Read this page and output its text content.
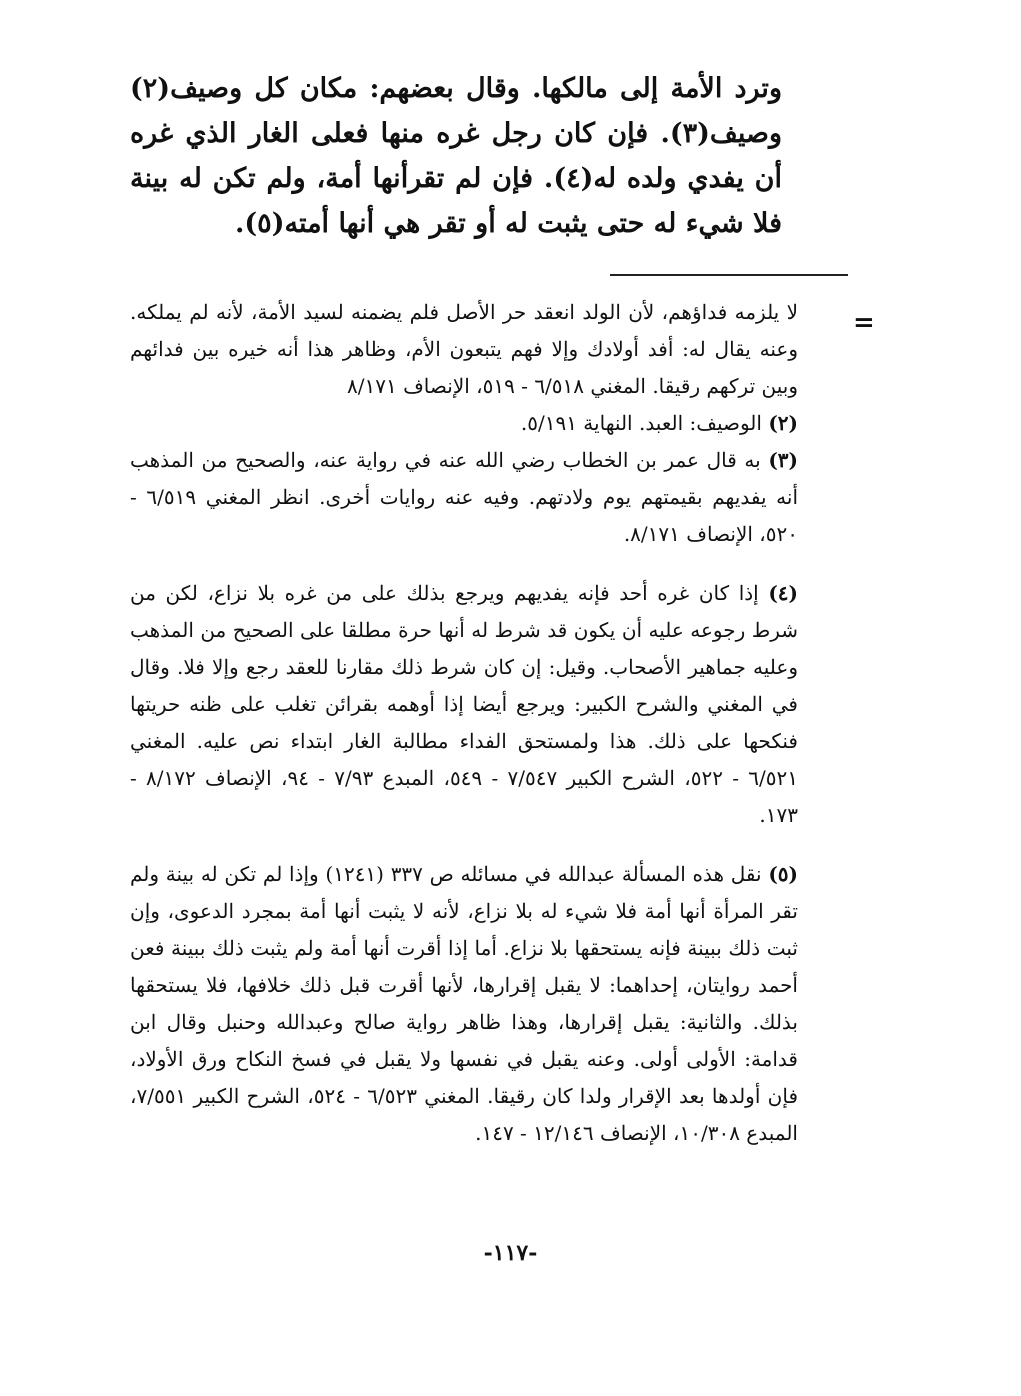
وترد الأمة إلى مالكها. وقال بعضهم: مكان كل وصيف(٢) وصيف(٣). فإن كان رجل غره منها فعلى الغار الذي غره أن يفدي ولده له(٤). فإن لم تقرأنها أمة، ولم تكن له بينة فلا شيء له حتى يثبت له أو تقر هي أنها أمته(٥).

=

لا يلزمه فداؤهم، لأن الولد انعقد حر الأصل فلم يضمنه لسيد الأمة، لأنه لم يملكه. وعنه يقال له: أفد أولادك وإلا فهم يتبعون الأم، وظاهر هذا أنه خيره بين فدائهم وبين تركهم رقيقا. المغني ٦/٥١٨ - ٥١٩، الإنصاف ٨/١٧١

(٢) الوصيف: العبد. النهاية ٥/١٩١.

(٣) به قال عمر بن الخطاب رضي الله عنه في رواية عنه، والصحيح من المذهب أنه يفديهم بقيمتهم يوم ولادتهم. وفيه عنه روايات أخرى. انظر المغني ٦/٥١٩ - ٥٢٠، الإنصاف ٨/١٧١.

(٤) إذا كان غره أحد فإنه يفديهم ويرجع بذلك على من غره بلا نزاع، لكن من شرط رجوعه عليه أن يكون قد شرط له أنها حرة مطلقا على الصحيح من المذهب وعليه جماهير الأصحاب. وقيل: إن كان شرط ذلك مقارنا للعقد رجع وإلا فلا. وقال في المغني والشرح الكبير: ويرجع أيضا إذا أوهمه بقرائن تغلب على ظنه حريتها فنكحها على ذلك. هذا ولمستحق الفداء مطالبة الغار ابتداء نص عليه. المغني ٦/٥٢١ - ٥٢٢، الشرح الكبير ٧/٥٤٧ - ٥٤٩، المبدع ٧/٩٣ - ٩٤، الإنصاف ٨/١٧٢ - ١٧٣.

(٥) نقل هذه المسألة عبدالله في مسائله ص ٣٣٧ (١٢٤١) وإذا لم تكن له بينة ولم تقر المرأة أنها أمة فلا شيء له بلا نزاع، لأنه لا يثبت أنها أمة بمجرد الدعوى، وإن ثبت ذلك ببينة فإنه يستحقها بلا نزاع. أما إذا أقرت أنها أمة ولم يثبت ذلك ببينة فعن أحمد روايتان، إحداهما: لا يقبل إقرارها، لأنها أقرت قبل ذلك خلافها، فلا يستحقها بذلك. والثانية: يقبل إقرارها، وهذا ظاهر رواية صالح وعبدالله وحنبل وقال ابن قدامة: الأولى أولى. وعنه يقبل في نفسها ولا يقبل في فسخ النكاح ورق الأولاد، فإن أولدها بعد الإقرار ولدا كان رقيقا. المغني ٦/٥٢٣ - ٥٢٤، الشرح الكبير ٧/٥٥١، المبدع ١٠/٣٠٨، الإنصاف ١٢/١٤٦ - ١٤٧.

-١١٧-
